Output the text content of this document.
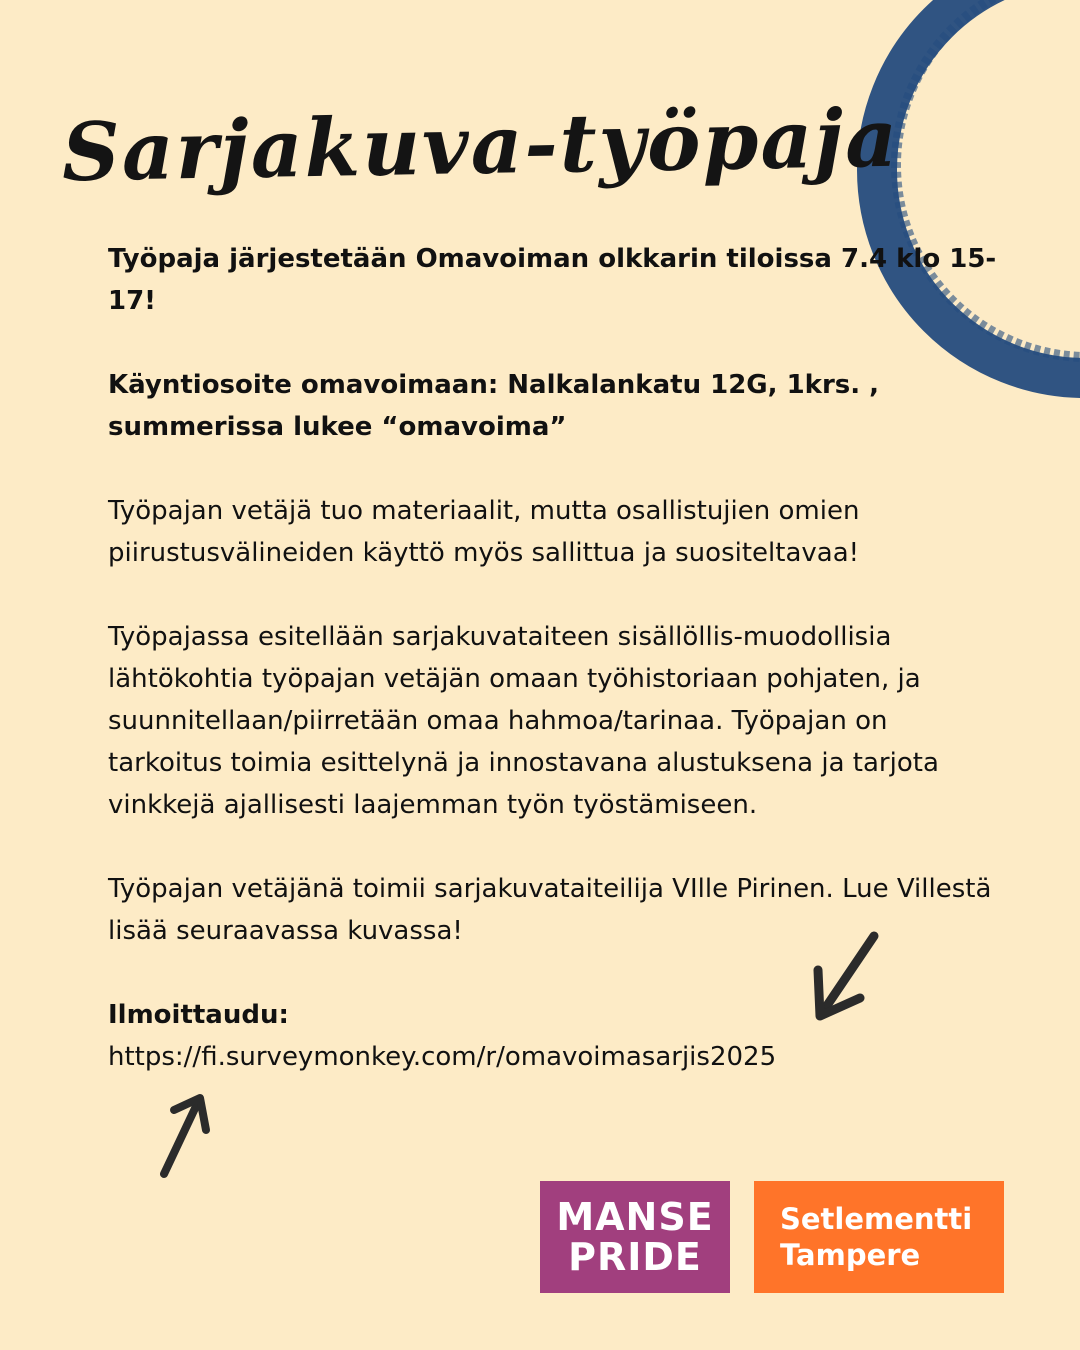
Sarjakuva-työpaja

Työpaja järjestetään Omavoiman olkkarin tiloissa 7.4 klo 15-17!

Käyntiosoite omavoimaan: Nalkalankatu 12G, 1krs. , summerissa lukee “omavoima”

Työpajan vetäjä tuo materiaalit, mutta osallistujien omien piirustusvälineiden käyttö myös sallittua ja suositeltavaa!

Työpajassa esitellään sarjakuvataiteen sisällöllis-muodollisia lähtökohtia työpajan vetäjän omaan työhistoriaan pohjaten, ja suunnitellaan/piirretään omaa hahmoa/tarinaa. Työpajan on tarkoitus toimia esittelynä ja innostavana alustuksena ja tarjota vinkkejä ajallisesti laajemman työn työstämiseen.

Työpajan vetäjänä toimii sarjakuvataiteilija VIlle Pirinen. Lue Villestä lisää seuraavassa kuvassa!

Ilmoittaudu:

https://fi.surveymonkey.com/r/omavoimasarjis2025
MANSE
PRIDE
Setlementti
Tampere
